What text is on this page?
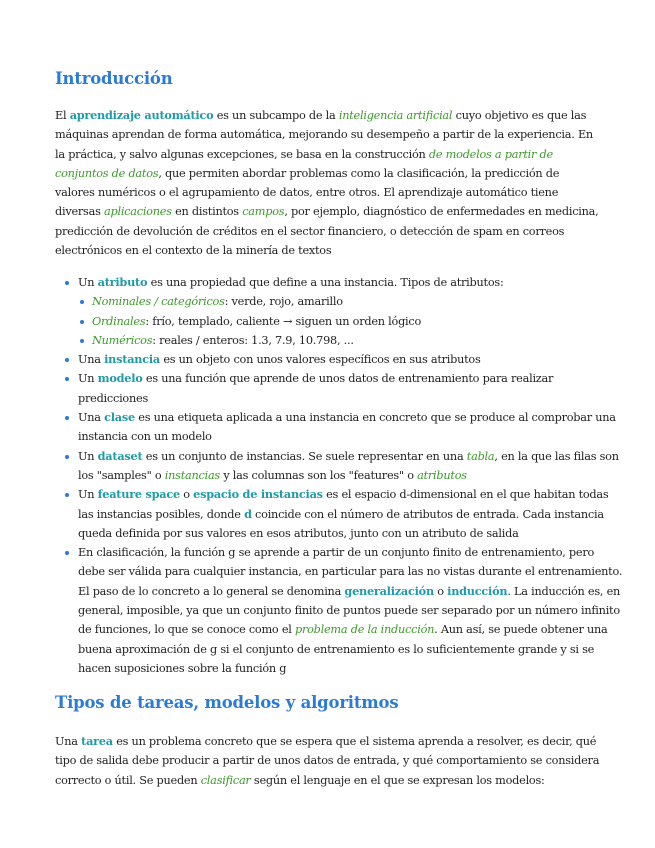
Introducción

El aprendizaje automático es un subcampo de la inteligencia artificial cuyo objetivo es que las máquinas aprendan de forma automática, mejorando su desempeño a partir de la experiencia. En la práctica, y salvo algunas excepciones, se basa en la construcción de modelos a partir de conjuntos de datos, que permiten abordar problemas como la clasificación, la predicción de valores numéricos o el agrupamiento de datos, entre otros. El aprendizaje automático tiene diversas aplicaciones en distintos campos, por ejemplo, diagnóstico de enfermedades en medicina, predicción de devolución de créditos en el sector financiero, o detección de spam en correos electrónicos en el contexto de la minería de textos

Un atributo es una propiedad que define a una instancia. Tipos de atributos:
Nominales / categóricos: verde, rojo, amarillo
Ordinales: frío, templado, caliente → siguen un orden lógico
Numéricos: reales / enteros: 1.3, 7.9, 10.798, ...
Una instancia es un objeto con unos valores específicos en sus atributos
Un modelo es una función que aprende de unos datos de entrenamiento para realizar predicciones
Una clase es una etiqueta aplicada a una instancia en concreto que se produce al comprobar una instancia con un modelo
Un dataset es un conjunto de instancias. Se suele representar en una tabla, en la que las filas son los "samples" o instancias y las columnas son los "features" o atributos
Un feature space o espacio de instancias es el espacio d-dimensional en el que habitan todas las instancias posibles, donde d coincide con el número de atributos de entrada. Cada instancia queda definida por sus valores en esos atributos, junto con un atributo de salida
En clasificación, la función g se aprende a partir de un conjunto finito de entrenamiento, pero debe ser válida para cualquier instancia, en particular para las no vistas durante el entrenamiento. El paso de lo concreto a lo general se denomina generalización o inducción. La inducción es, en general, imposible, ya que un conjunto finito de puntos puede ser separado por un número infinito de funciones, lo que se conoce como el problema de la inducción. Aun así, se puede obtener una buena aproximación de g si el conjunto de entrenamiento es lo suficientemente grande y si se hacen suposiciones sobre la función g
Tipos de tareas, modelos y algoritmos

Una tarea es un problema concreto que se espera que el sistema aprenda a resolver, es decir, qué tipo de salida debe producir a partir de unos datos de entrada, y qué comportamiento se considera correcto o útil. Se pueden clasificar según el lenguaje en el que se expresan los modelos:
